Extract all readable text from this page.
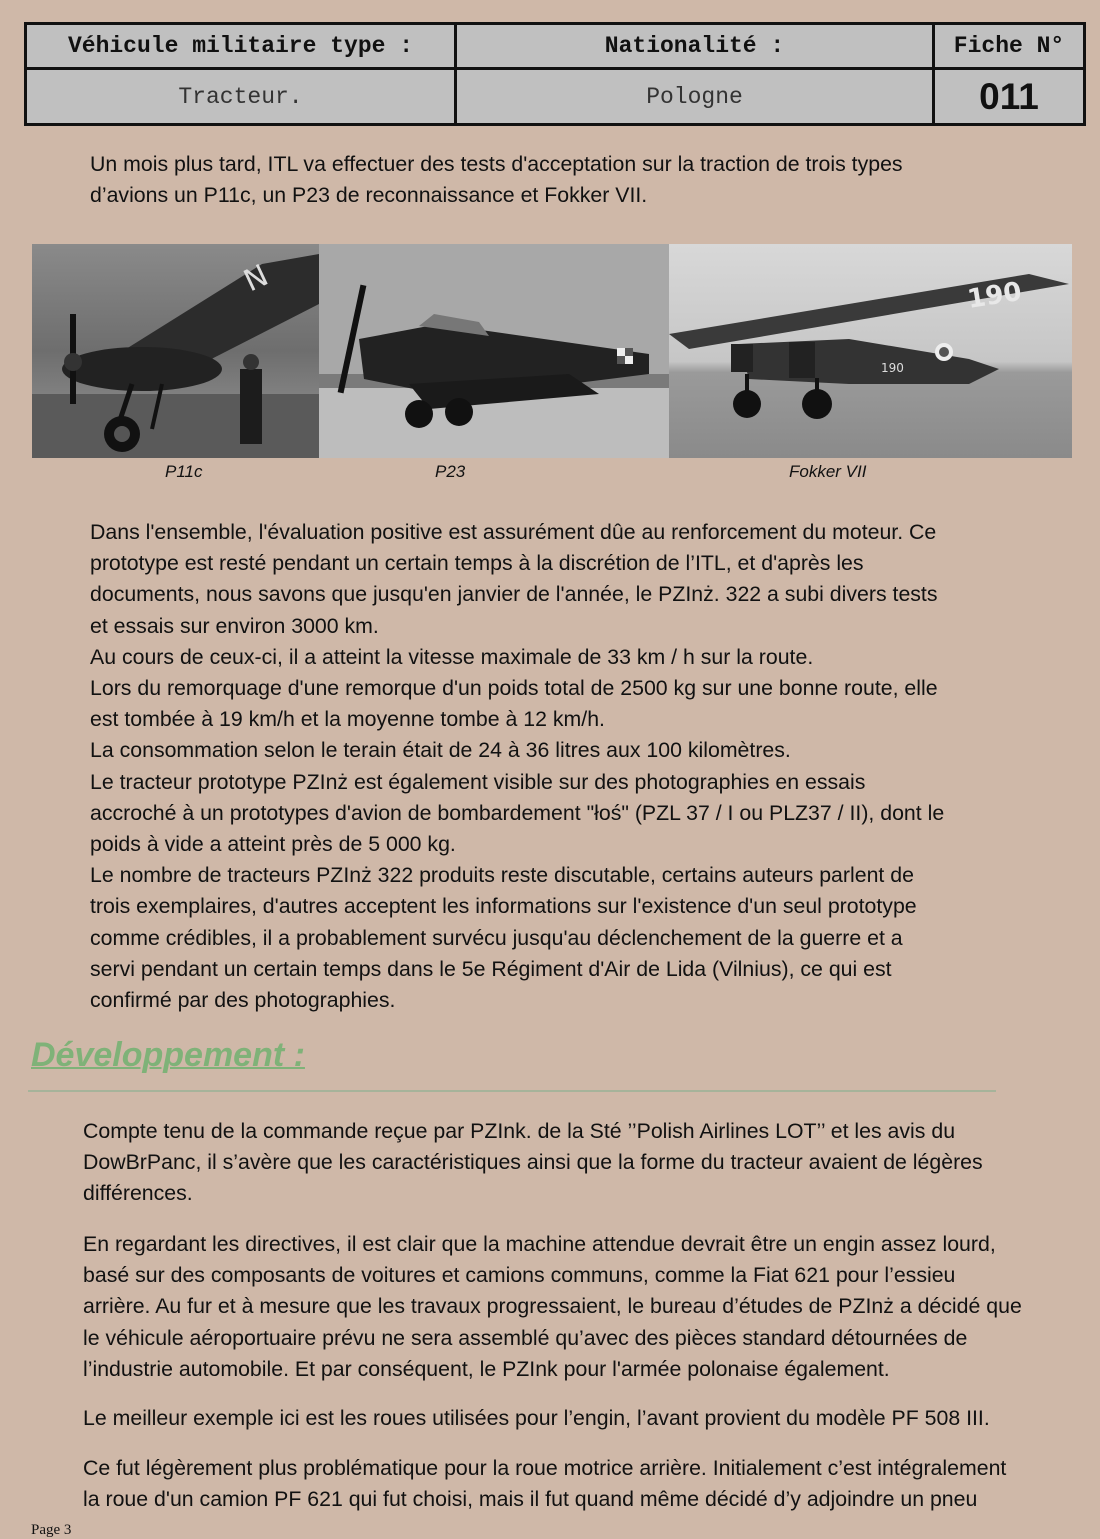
Véhicule militaire type :	Nationalité :	Fiche N°
Tracteur.	Pologne	011

Un mois plus tard, ITL va effectuer des tests d'acceptation sur la traction de trois types
d’avions un P11c, un P23 de reconnaissance et Fokker VII.

N	190
190

P11c	P23	Fokker VII

Dans l'ensemble, l'évaluation positive est assurément dûe au renforcement du moteur. Ce
prototype est resté pendant un certain temps à la discrétion de l’ITL, et d'après les
documents, nous savons que jusqu'en janvier de l'année, le PZInż. 322 a subi divers tests
et essais sur environ 3000 km.
Au cours de ceux-ci, il a atteint la vitesse maximale de 33 km / h sur la route.
Lors du remorquage d'une remorque d'un poids total de 2500 kg sur une bonne route, elle
est tombée à 19 km/h et la moyenne tombe à 12 km/h.
La consommation selon le terain était de 24 à 36 litres aux 100 kilomètres.
Le tracteur prototype PZInż est également visible sur des photographies en essais
accroché à un prototypes d'avion de bombardement "łoś" (PZL 37 / I ou PLZ37 / II), dont le
poids à vide a atteint près de 5 000 kg.
Le nombre de tracteurs PZInż 322 produits reste discutable, certains auteurs parlent de
trois exemplaires, d'autres acceptent les informations sur l'existence d'un seul prototype
comme crédibles, il a probablement survécu jusqu'au déclenchement de la guerre et a
servi pendant un certain temps dans le 5e Régiment d'Air de Lida (Vilnius), ce qui est
confirmé par des photographies.

Développement :

Compte tenu de la commande reçue par PZInk. de la Sté ’’Polish Airlines LOT’’ et les avis du
DowBrPanc, il s’avère que les caractéristiques ainsi que la forme du tracteur avaient de légères
différences.

En regardant les directives, il est clair que la machine attendue devrait être un engin assez lourd,
basé sur des composants de voitures et camions communs, comme la Fiat 621 pour l’essieu
arrière. Au fur et à mesure que les travaux progressaient, le bureau d’études de PZInż a décidé que
le véhicule aéroportuaire prévu ne sera assemblé qu’avec des pièces standard détournées de
l’industrie automobile. Et par conséquent, le PZInk pour l'armée polonaise également.

Le meilleur exemple ici est les roues utilisées pour l’engin, l’avant provient du modèle PF 508 III.

Ce fut légèrement plus problématique pour la roue motrice arrière. Initialement c’est intégralement
la roue d'un camion PF 621 qui fut choisi, mais il fut quand même décidé d’y adjoindre un pneu

Page 3
